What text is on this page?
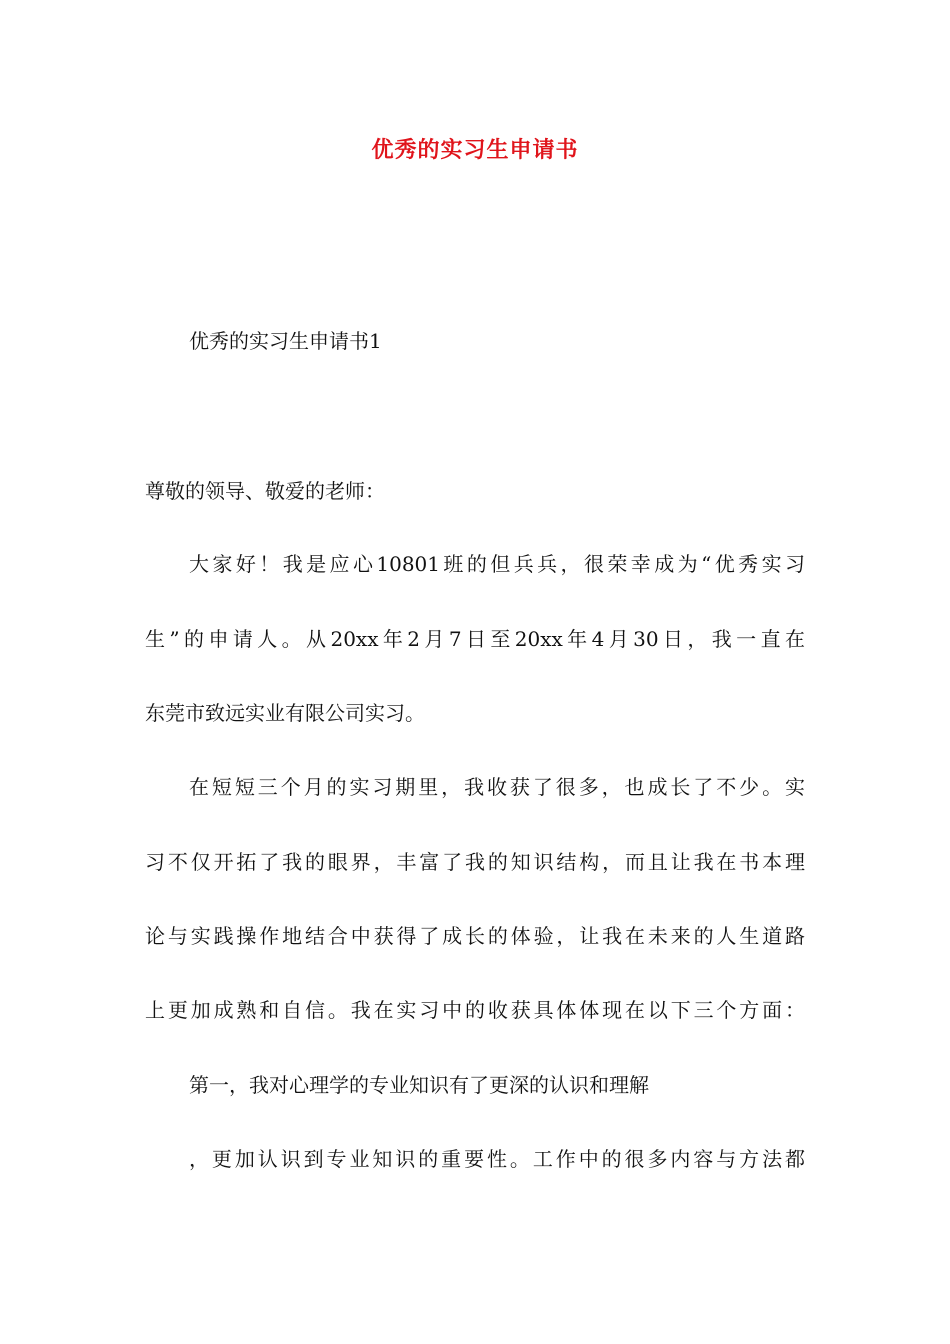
优秀的实习生申请书
优秀的实习生申请书1
尊敬的领导、敬爱的老师：
大家好！我是应心10801班的但兵兵，很荣幸成为“优秀实习
生”的申请人。从20xx年2月7日至20xx年4月30日，我一直在
东莞市致远实业有限公司实习。
在短短三个月的实习期里，我收获了很多，也成长了不少。实
习不仅开拓了我的眼界，丰富了我的知识结构，而且让我在书本理
论与实践操作地结合中获得了成长的体验，让我在未来的人生道路
上更加成熟和自信。我在实习中的收获具体体现在以下三个方面：
第一，我对心理学的专业知识有了更深的认识和理解
，更加认识到专业知识的重要性。工作中的很多内容与方法都
